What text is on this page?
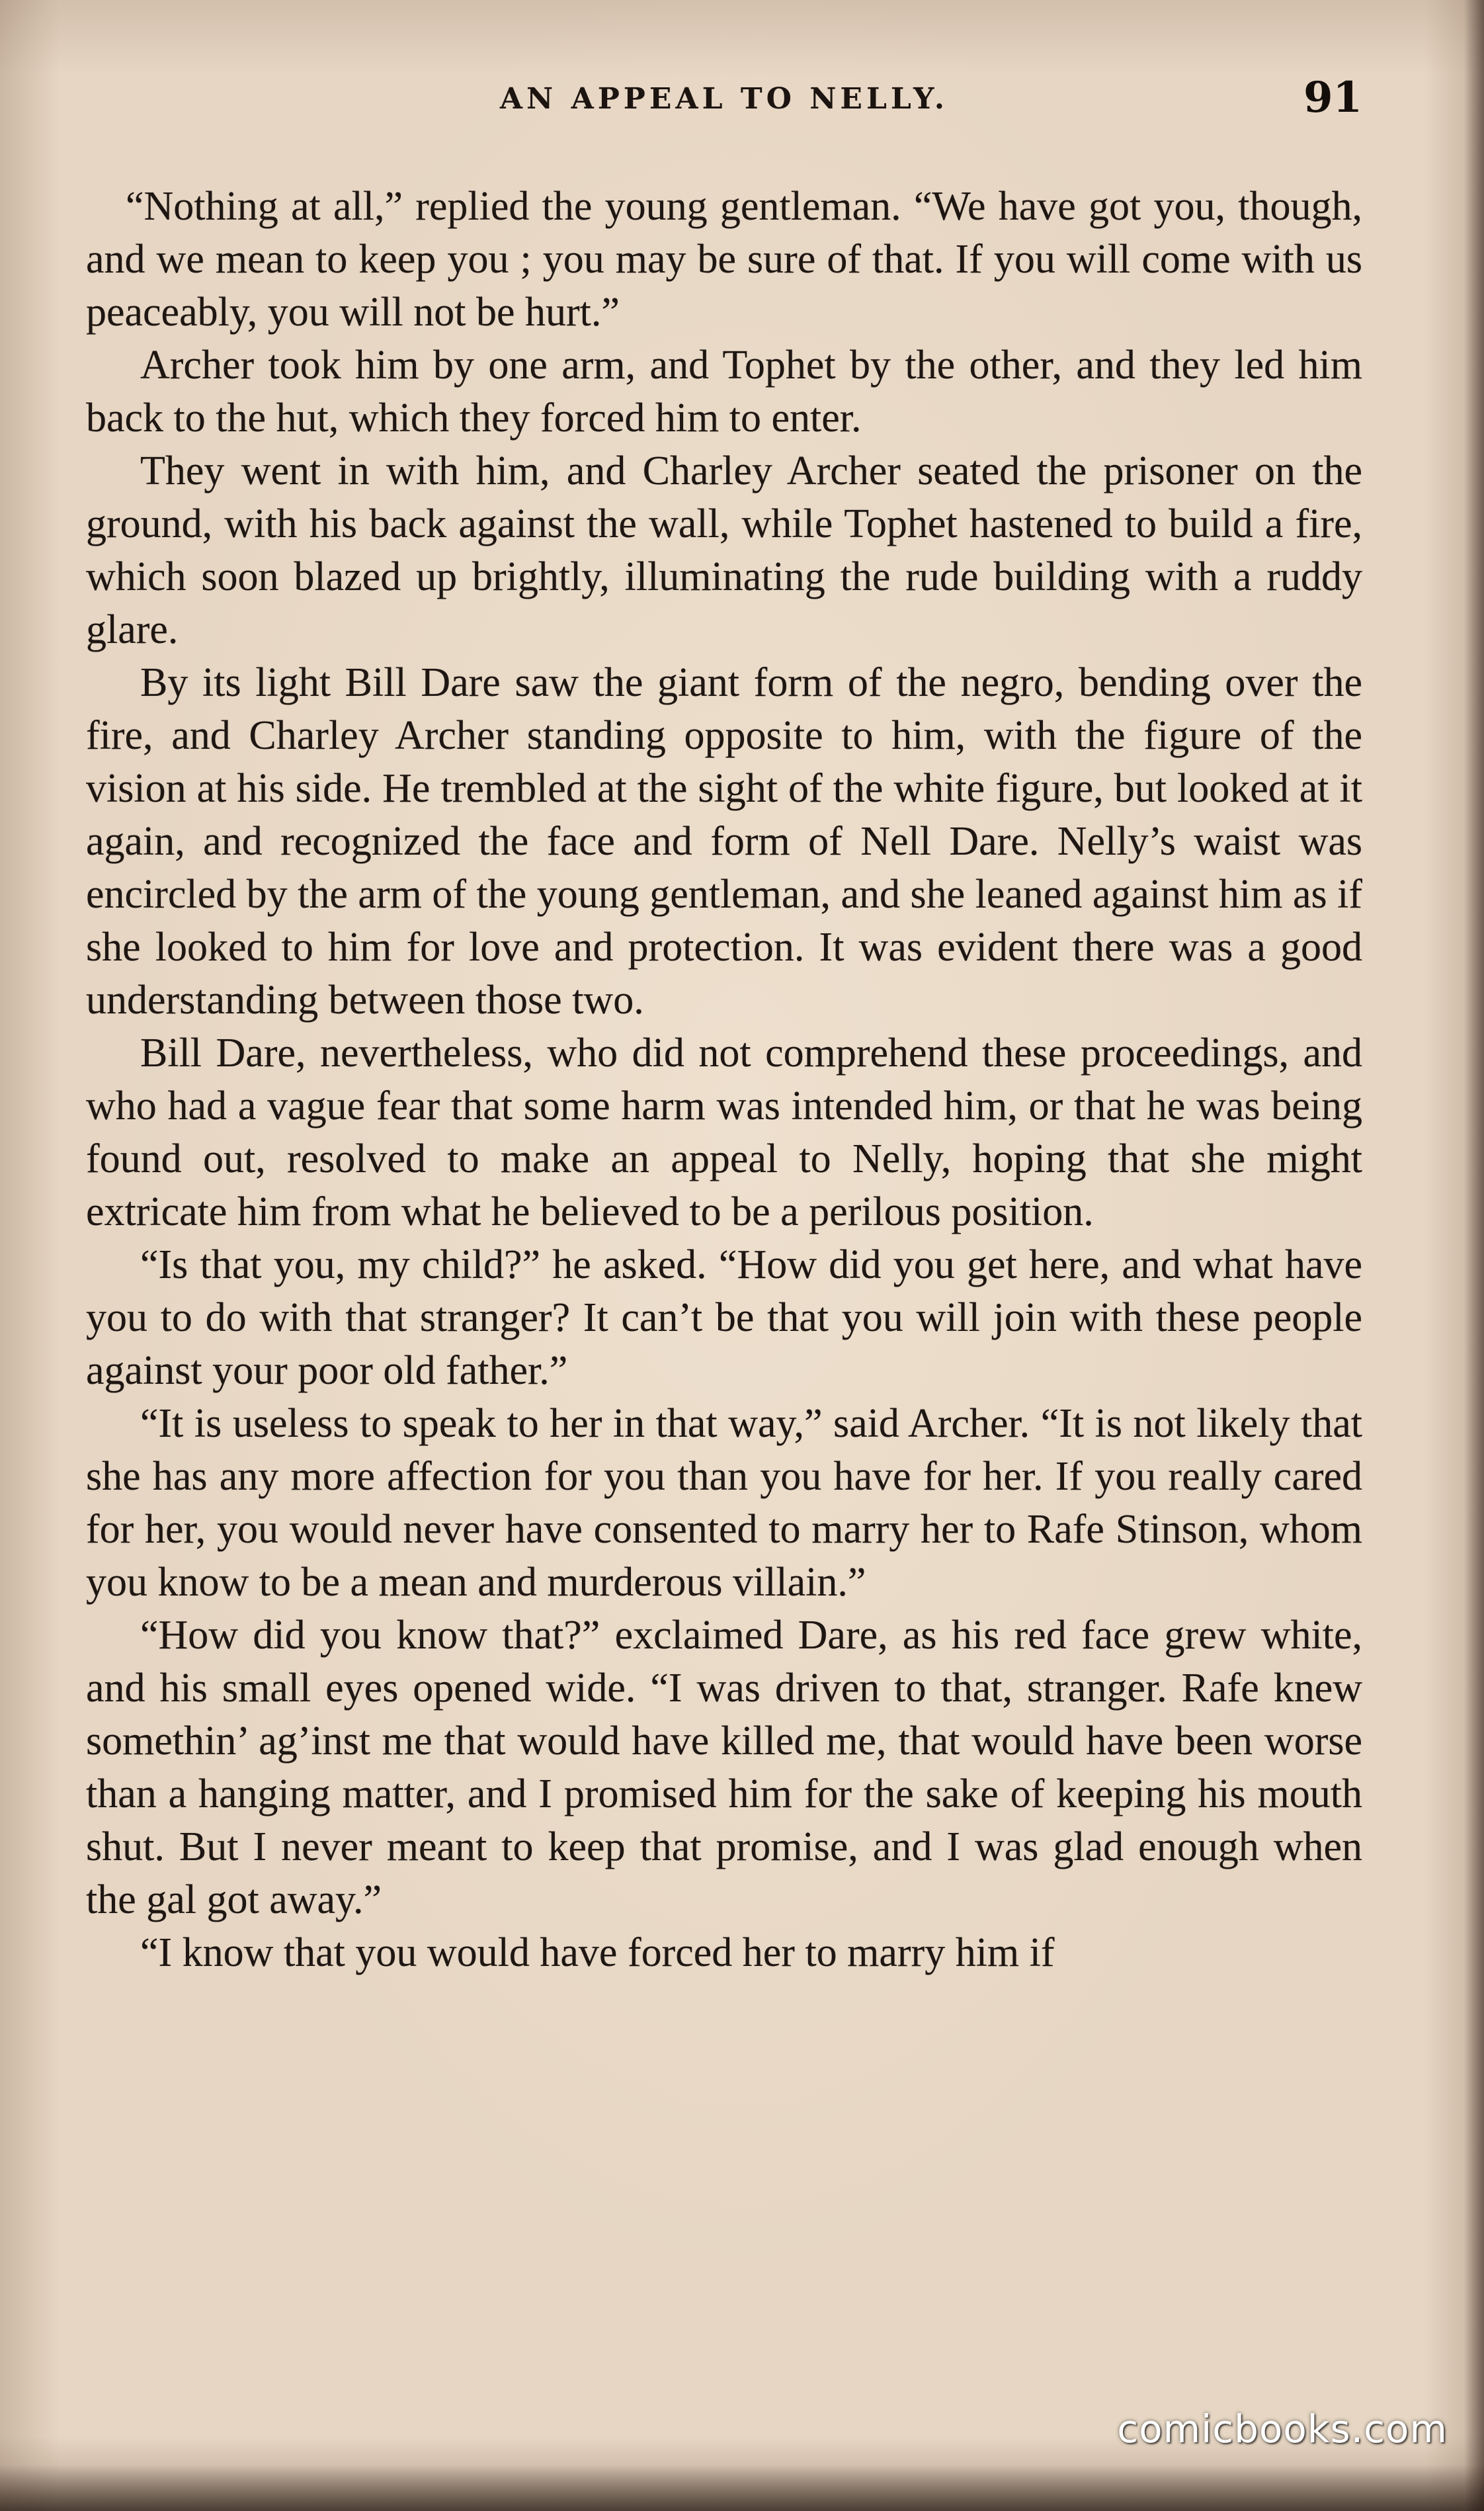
AN APPEAL TO NELLY.	91

“Nothing at all,” replied the young gentleman. “We have got you, though, and we mean to keep you ; you may be sure of that. If you will come with us peaceably, you will not be hurt.”

Archer took him by one arm, and Tophet by the other, and they led him back to the hut, which they forced him to enter.

They went in with him, and Charley Archer seated the prisoner on the ground, with his back against the wall, while Tophet hastened to build a fire, which soon blazed up brightly, illuminating the rude building with a ruddy glare.

By its light Bill Dare saw the giant form of the negro, bending over the fire, and Charley Archer standing opposite to him, with the figure of the vision at his side. He trembled at the sight of the white figure, but looked at it again, and recognized the face and form of Nell Dare. Nelly’s waist was encircled by the arm of the young gentleman, and she leaned against him as if she looked to him for love and protection. It was evident there was a good understanding between those two.

Bill Dare, nevertheless, who did not comprehend these proceedings, and who had a vague fear that some harm was intended him, or that he was being found out, resolved to make an appeal to Nelly, hoping that she might extricate him from what he believed to be a perilous position.

“Is that you, my child?” he asked. “How did you get here, and what have you to do with that stranger? It can’t be that you will join with these people against your poor old father.”

“It is useless to speak to her in that way,” said Archer. “It is not likely that she has any more affection for you than you have for her. If you really cared for her, you would never have consented to marry her to Rafe Stinson, whom you know to be a mean and murderous villain.”

“How did you know that?” exclaimed Dare, as his red face grew white, and his small eyes opened wide. “I was driven to that, stranger. Rafe knew somethin’ ag’inst me that would have killed me, that would have been worse than a hanging matter, and I promised him for the sake of keeping his mouth shut. But I never meant to keep that promise, and I was glad enough when the gal got away.”

“I know that you would have forced her to marry him if

comicbooks.com
